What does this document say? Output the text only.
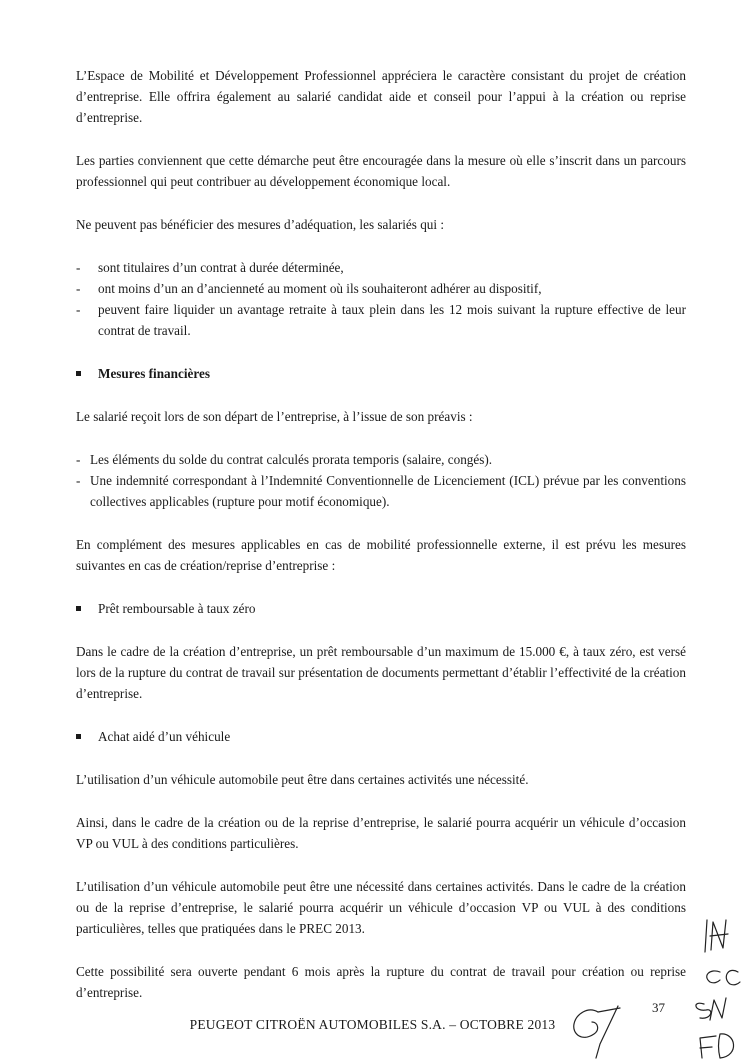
L’Espace de Mobilité et Développement Professionnel appréciera le caractère consistant du projet de création d’entreprise. Elle offrira également au salarié candidat aide et conseil pour l’appui à la création ou reprise d’entreprise.

Les parties conviennent que cette démarche peut être encouragée dans la mesure où elle s’inscrit dans un parcours professionnel qui peut contribuer au développement économique local.

Ne peuvent pas bénéficier des mesures d’adéquation, les salariés qui :

- sont titulaires d’un contrat à durée déterminée,
- ont moins d’un an d’ancienneté au moment où ils souhaiteront adhérer au dispositif,
- peuvent faire liquider un avantage retraite à taux plein dans les 12 mois suivant la rupture effective de leur contrat de travail.
Mesures financières

Le salarié reçoit lors de son départ de l’entreprise, à l’issue de son préavis :

- Les éléments du solde du contrat calculés prorata temporis (salaire, congés).
- Une indemnité correspondant à l’Indemnité Conventionnelle de Licenciement (ICL) prévue par les conventions collectives applicables (rupture pour motif économique).

En complément des mesures applicables en cas de mobilité professionnelle externe, il est prévu les mesures suivantes en cas de création/reprise d’entreprise :

Prêt remboursable à taux zéro

Dans le cadre de la création d’entreprise, un prêt remboursable d’un maximum de 15.000 €, à taux zéro, est versé lors de la rupture du contrat de travail sur présentation de documents permettant d’établir l’effectivité de la création d’entreprise.

Achat aidé d’un véhicule

L’utilisation d’un véhicule automobile peut être dans certaines activités une nécessité.

Ainsi, dans le cadre de la création ou de la reprise d’entreprise, le salarié pourra acquérir un véhicule d’occasion VP ou VUL à des conditions particulières.

L’utilisation d’un véhicule automobile peut être une nécessité dans certaines activités. Dans le cadre de la création ou de la reprise d’entreprise, le salarié pourra acquérir un véhicule d’occasion VP ou VUL à des conditions particulières, telles que pratiquées dans le PREC 2013.

Cette possibilité sera ouverte pendant 6 mois après la rupture du contrat de travail pour création ou reprise d’entreprise.

37
PEUGEOT CITROËN AUTOMOBILES S.A. – OCTOBRE 2013
